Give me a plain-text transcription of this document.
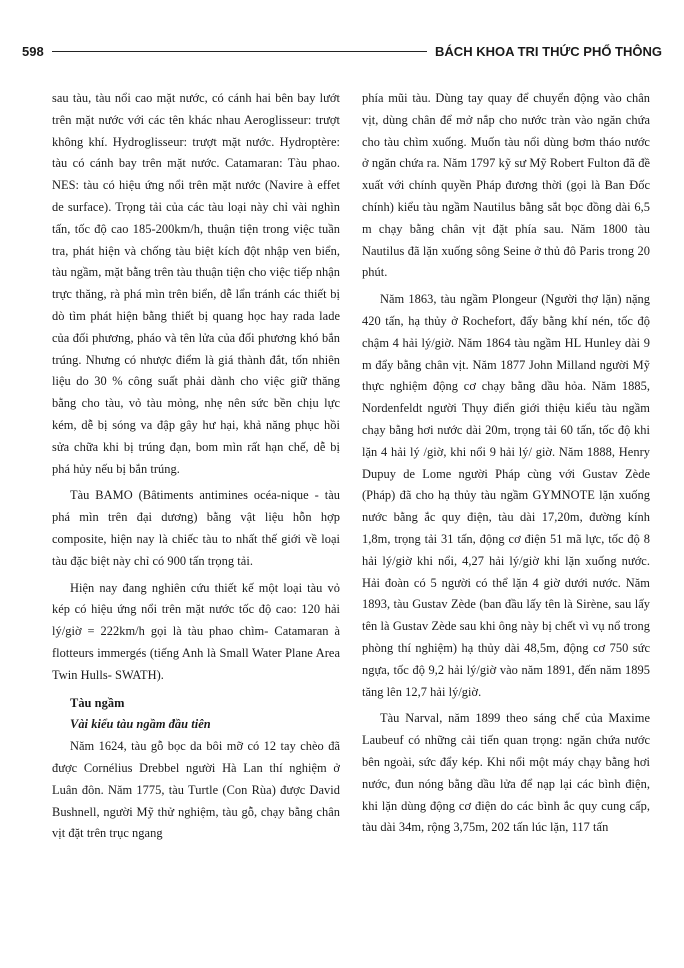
598	BÁCH KHOA TRI THỨC PHỔ THÔNG

sau tàu, tàu nổi cao mặt nước, có cánh hai bên bay lướt trên mặt nước với các tên khác nhau Aeroglisseur: trượt không khí. Hydroglisseur: trượt mặt nước. Hydroptère: tàu có cánh bay trên mặt nước. Catamaran: Tàu phao. NES: tàu có hiệu ứng nổi trên mặt nước (Navire à effet de surface). Trọng tải của các tàu loại này chỉ vài nghìn tấn, tốc độ cao 185-200km/h, thuận tiện trong việc tuần tra, phát hiện và chống tàu biệt kích đột nhập ven biển, tàu ngầm, mặt bằng trên tàu thuận tiện cho việc tiếp nhận trực thăng, rà phá mìn trên biển, dễ lẩn tránh các thiết bị dò tìm phát hiện bằng thiết bị quang học hay rada lade của đối phương, pháo và tên lửa của đối phương khó bắn trúng. Nhưng có nhược điểm là giá thành đắt, tốn nhiên liệu do 30 % công suất phải dành cho việc giữ thăng bằng cho tàu, vỏ tàu mỏng, nhẹ nên sức bền chịu lực kém, dễ bị sóng va đập gây hư hại, khả năng phục hồi sửa chữa khi bị trúng đạn, bom mìn rất hạn chế, dễ bị phá hủy nếu bị bắn trúng.

Tàu BAMO (Bâtiments antimines océa-nique - tàu phá mìn trên đại dương) bằng vật liệu hỗn hợp composite, hiện nay là chiếc tàu to nhất thế giới về loại tàu đặc biệt này chỉ có 900 tấn trọng tải.

Hiện nay đang nghiên cứu thiết kế một loại tàu vỏ kép có hiệu ứng nổi trên mặt nước tốc độ cao: 120 hải lý/giờ = 222km/h gọi là tàu phao chìm- Catamaran à flotteurs immergés (tiếng Anh là Small Water Plane Area Twin Hulls- SWATH).

Tàu ngầm

Vài kiểu tàu ngầm đầu tiên

Năm 1624, tàu gỗ bọc da bôi mỡ có 12 tay chèo đã được Cornélius Drebbel người Hà Lan thí nghiệm ở Luân đôn. Năm 1775, tàu Turtle (Con Rùa) được David Bushnell, người Mỹ thử nghiệm, tàu gỗ, chạy bằng chân vịt đặt trên trục ngang

phía mũi tàu. Dùng tay quay để chuyển động vào chân vịt, dùng chân để mở nắp cho nước tràn vào ngăn chứa cho tàu chìm xuống. Muốn tàu nổi dùng bơm tháo nước ở ngăn chứa ra. Năm 1797 kỹ sư Mỹ Robert Fulton đã đề xuất với chính quyền Pháp đương thời (gọi là Ban Đốc chính) kiểu tàu ngầm Nautilus bằng sắt bọc đồng dài 6,5 m chạy bằng chân vịt đặt phía sau. Năm 1800 tàu Nautilus đã lặn xuống sông Seine ở thủ đô Paris trong 20 phút.

Năm 1863, tàu ngầm Plongeur (Người thợ lặn) nặng 420 tấn, hạ thủy ở Rochefort, đẩy bằng khí nén, tốc độ chậm 4 hải lý/giờ. Năm 1864 tàu ngầm HL Hunley dài 9 m đẩy bằng chân vịt. Năm 1877 John Milland người Mỹ thực nghiệm động cơ chạy bằng dầu hỏa. Năm 1885, Nordenfeldt người Thụy điển giới thiệu kiểu tàu ngầm chạy bằng hơi nước dài 20m, trọng tải 60 tấn, tốc độ khi lặn 4 hải lý /giờ, khi nổi 9 hải lý/ giờ. Năm 1888, Henry Dupuy de Lome người Pháp cùng với Gustav Zède (Pháp) đã cho hạ thủy tàu ngầm GYMNOTE lặn xuống nước bằng ắc quy điện, tàu dài 17,20m, đường kính 1,8m, trọng tải 31 tấn, động cơ điện 51 mã lực, tốc độ 8 hải lý/giờ khi nổi, 4,27 hải lý/giờ khi lặn xuống nước. Hải đoàn có 5 người có thể lặn 4 giờ dưới nước. Năm 1893, tàu Gustav Zède (ban đầu lấy tên là Sirène, sau lấy tên là Gustav Zède sau khi ông này bị chết vì vụ nổ trong phòng thí nghiệm) hạ thủy dài 48,5m, động cơ 750 sức ngựa, tốc độ 9,2 hải lý/giờ vào năm 1891, đến năm 1895 tăng lên 12,7 hải lý/giờ.

Tàu Narval, năm 1899 theo sáng chế của Maxime Laubeuf có những cải tiến quan trọng: ngăn chứa nước bên ngoài, sức đẩy kép. Khi nổi một máy chạy bằng hơi nước, đun nóng bằng dầu lửa để nạp lại các bình điện, khi lặn dùng động cơ điện do các bình ắc quy cung cấp, tàu dài 34m, rộng 3,75m, 202 tấn lúc lặn, 117 tấn
